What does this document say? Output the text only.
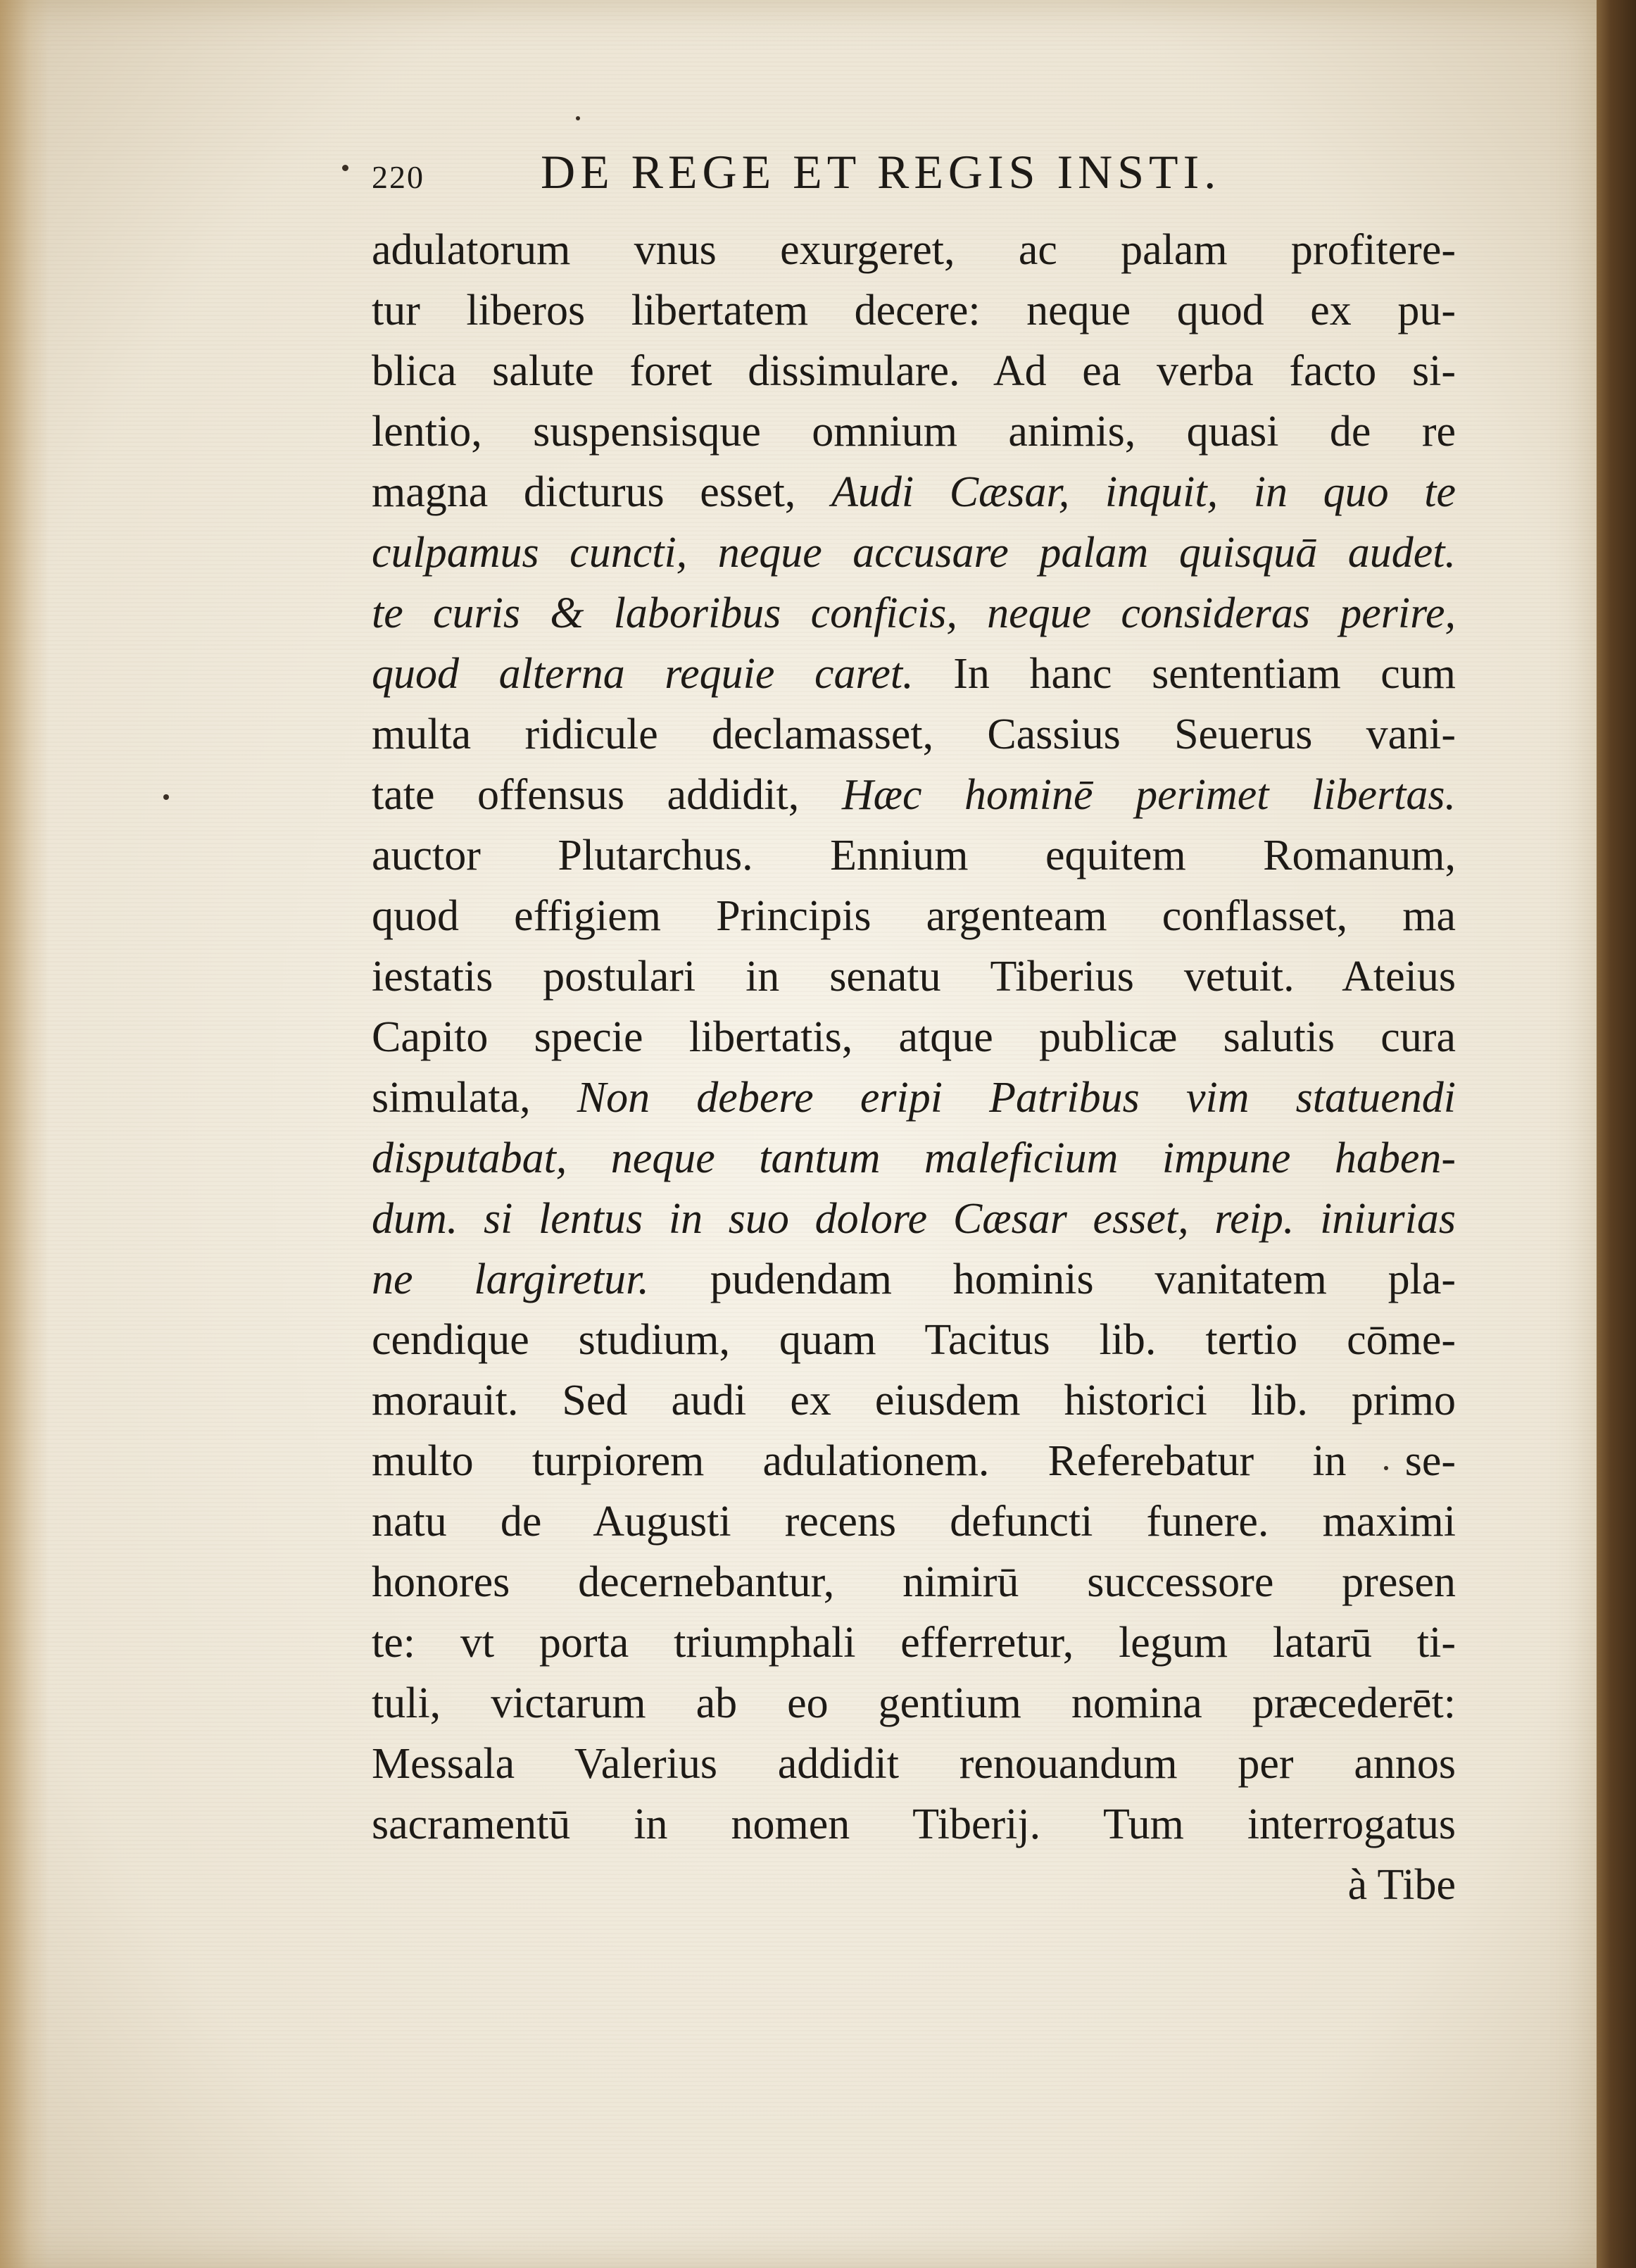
220 DE REGE ET REGIS INSTI.
adulatorum vnus exurgeret, ac palam profitere-
tur liberos libertatem decere: neque quod ex pu-
blica salute foret dissimulare. Ad ea verba facto si-
lentio, suspensisque omnium animis, quasi de re
magna dicturus esset, Audi Cæsar, inquit, in quo te
culpamus cuncti, neque accusare palam quisquā audet.
te curis & laboribus conficis, neque consideras perire,
quod alterna requie caret. In hanc sententiam cum
multa ridicule declamasset, Cassius Seuerus vani-
tate offensus addidit, Hæc hominē perimet libertas.
auctor Plutarchus. Ennium equitem Romanum,
quod effigiem Principis argenteam conflasset, ma
iestatis postulari in senatu Tiberius vetuit. Ateius
Capito specie libertatis, atque publicæ salutis cura
simulata, Non debere eripi Patribus vim statuendi
disputabat, neque tantum maleficium impune haben-
dum. si lentus in suo dolore Cæsar esset, reip. iniurias
ne largiretur. pudendam hominis vanitatem pla-
cendique studium, quam Tacitus lib. tertio cōme-
morauit. Sed audi ex eiusdem historici lib. primo
multo turpiorem adulationem. Referebatur in se-
natu de Augusti recens defuncti funere. maximi
honores decernebantur, nimirū successore presen
te: vt porta triumphali efferretur, legum latarū ti-
tuli, victarum ab eo gentium nomina præcederēt:
Messala Valerius addidit renouandum per annos
sacramentū in nomen Tiberij. Tum interrogatus
à Tibe
